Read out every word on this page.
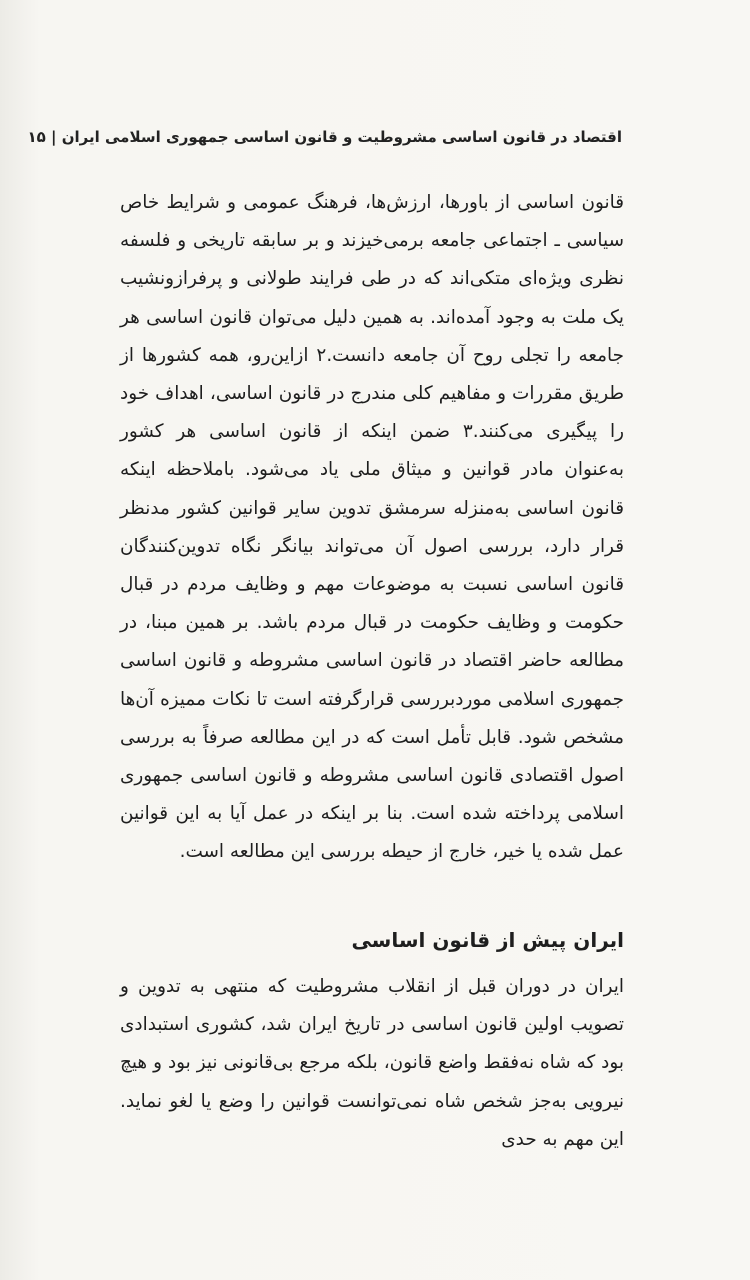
اقتصاد در قانون اساسی مشروطیت و قانون اساسی جمهوری اسلامی ایران | ۱۵

قانون اساسی از باورها، ارزش‌ها، فرهنگ عمومی و شرایط خاص سیاسی ـ اجتماعی جامعه برمی‌خیزند و بر سابقه تاریخی و فلسفه نظری ویژه‌ای متکی‌اند که در طی فرایند طولانی و پرفرازونشیب یک ملت به وجود آمده‌اند. به همین دلیل می‌توان قانون اساسی هر جامعه را تجلی روح آن جامعه دانست.۲ ازاین‌رو، همه کشورها از طریق مقررات و مفاهیم کلی مندرج در قانون اساسی، اهداف خود را پیگیری می‌کنند.۳ ضمن اینکه از قانون اساسی هر کشور به‌عنوان مادر قوانین و میثاق ملی یاد می‌شود. باملاحظه اینکه قانون اساسی به‌منزله سرمشق تدوین سایر قوانین کشور مدنظر قرار دارد، بررسی اصول آن می‌تواند بیانگر نگاه تدوین‌کنندگان قانون اساسی نسبت به موضوعات مهم و وظایف مردم در قبال حکومت و وظایف حکومت در قبال مردم باشد. بر همین مبنا، در مطالعه حاضر اقتصاد در قانون اساسی مشروطه و قانون اساسی جمهوری اسلامی موردبررسی قرارگرفته است تا نکات ممیزه آن‌ها مشخص شود. قابل تأمل است که در این مطالعه صرفاً به بررسی اصول اقتصادی قانون اساسی مشروطه و قانون اساسی جمهوری اسلامی پرداخته شده است. بنا بر اینکه در عمل آیا به این قوانین عمل شده یا خیر، خارج از حیطه بررسی این مطالعه است.

ایران پیش از قانون اساسی

ایران در دوران قبل از انقلاب مشروطیت که منتهی به تدوین و تصویب اولین قانون اساسی در تاریخ ایران شد، کشوری استبدادی بود که شاه نه‌فقط واضع قانون، بلکه مرجع بی‌قانونی نیز بود و هیچ نیرویی به‌جز شخص شاه نمی‌توانست قوانین را وضع یا لغو نماید. این مهم به حدی
